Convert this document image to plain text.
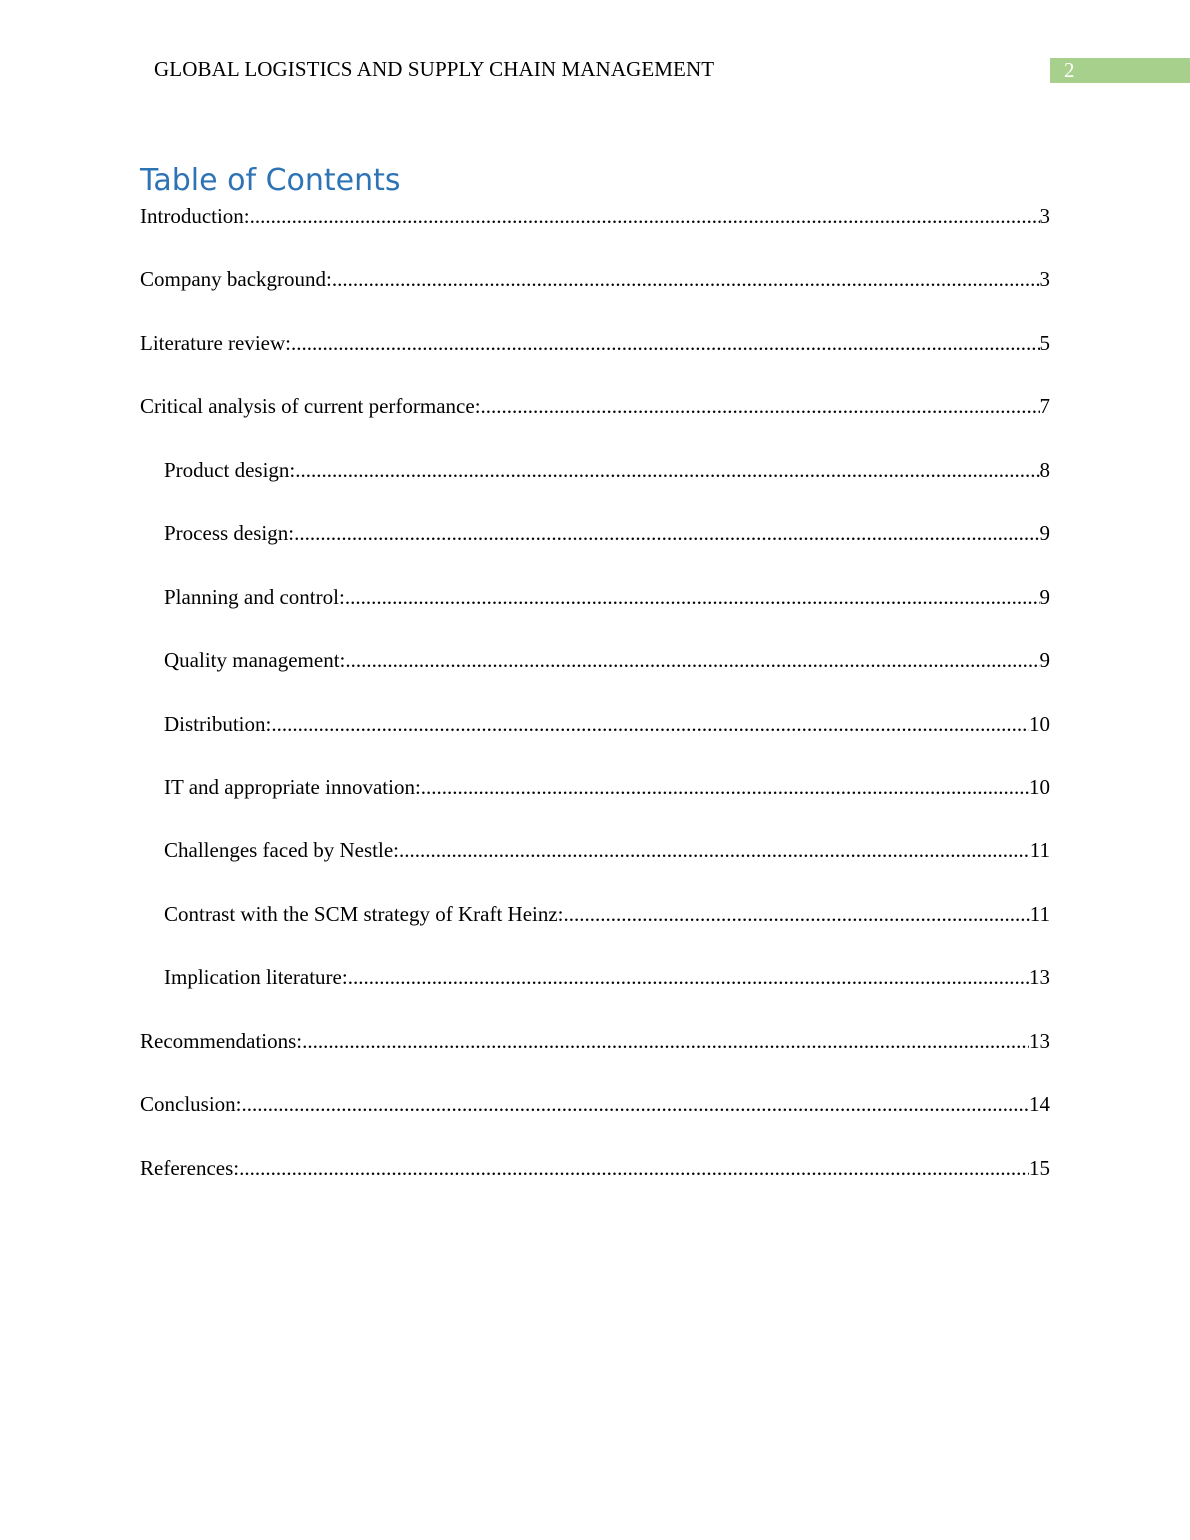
GLOBAL LOGISTICS AND SUPPLY CHAIN MANAGEMENT	2
Table of Contents
Introduction: .....	3
Company background: .....	3
Literature review: .....	5
Critical analysis of current performance: .....	7
Product design: .....	8
Process design: .....	9
Planning and control: .....	9
Quality management: .....	9
Distribution: .....	10
IT and appropriate innovation: .....	10
Challenges faced by Nestle: .....	11
Contrast with the SCM strategy of Kraft Heinz: .....	11
Implication literature: .....	13
Recommendations: .....	13
Conclusion: .....	14
References: .....	15
